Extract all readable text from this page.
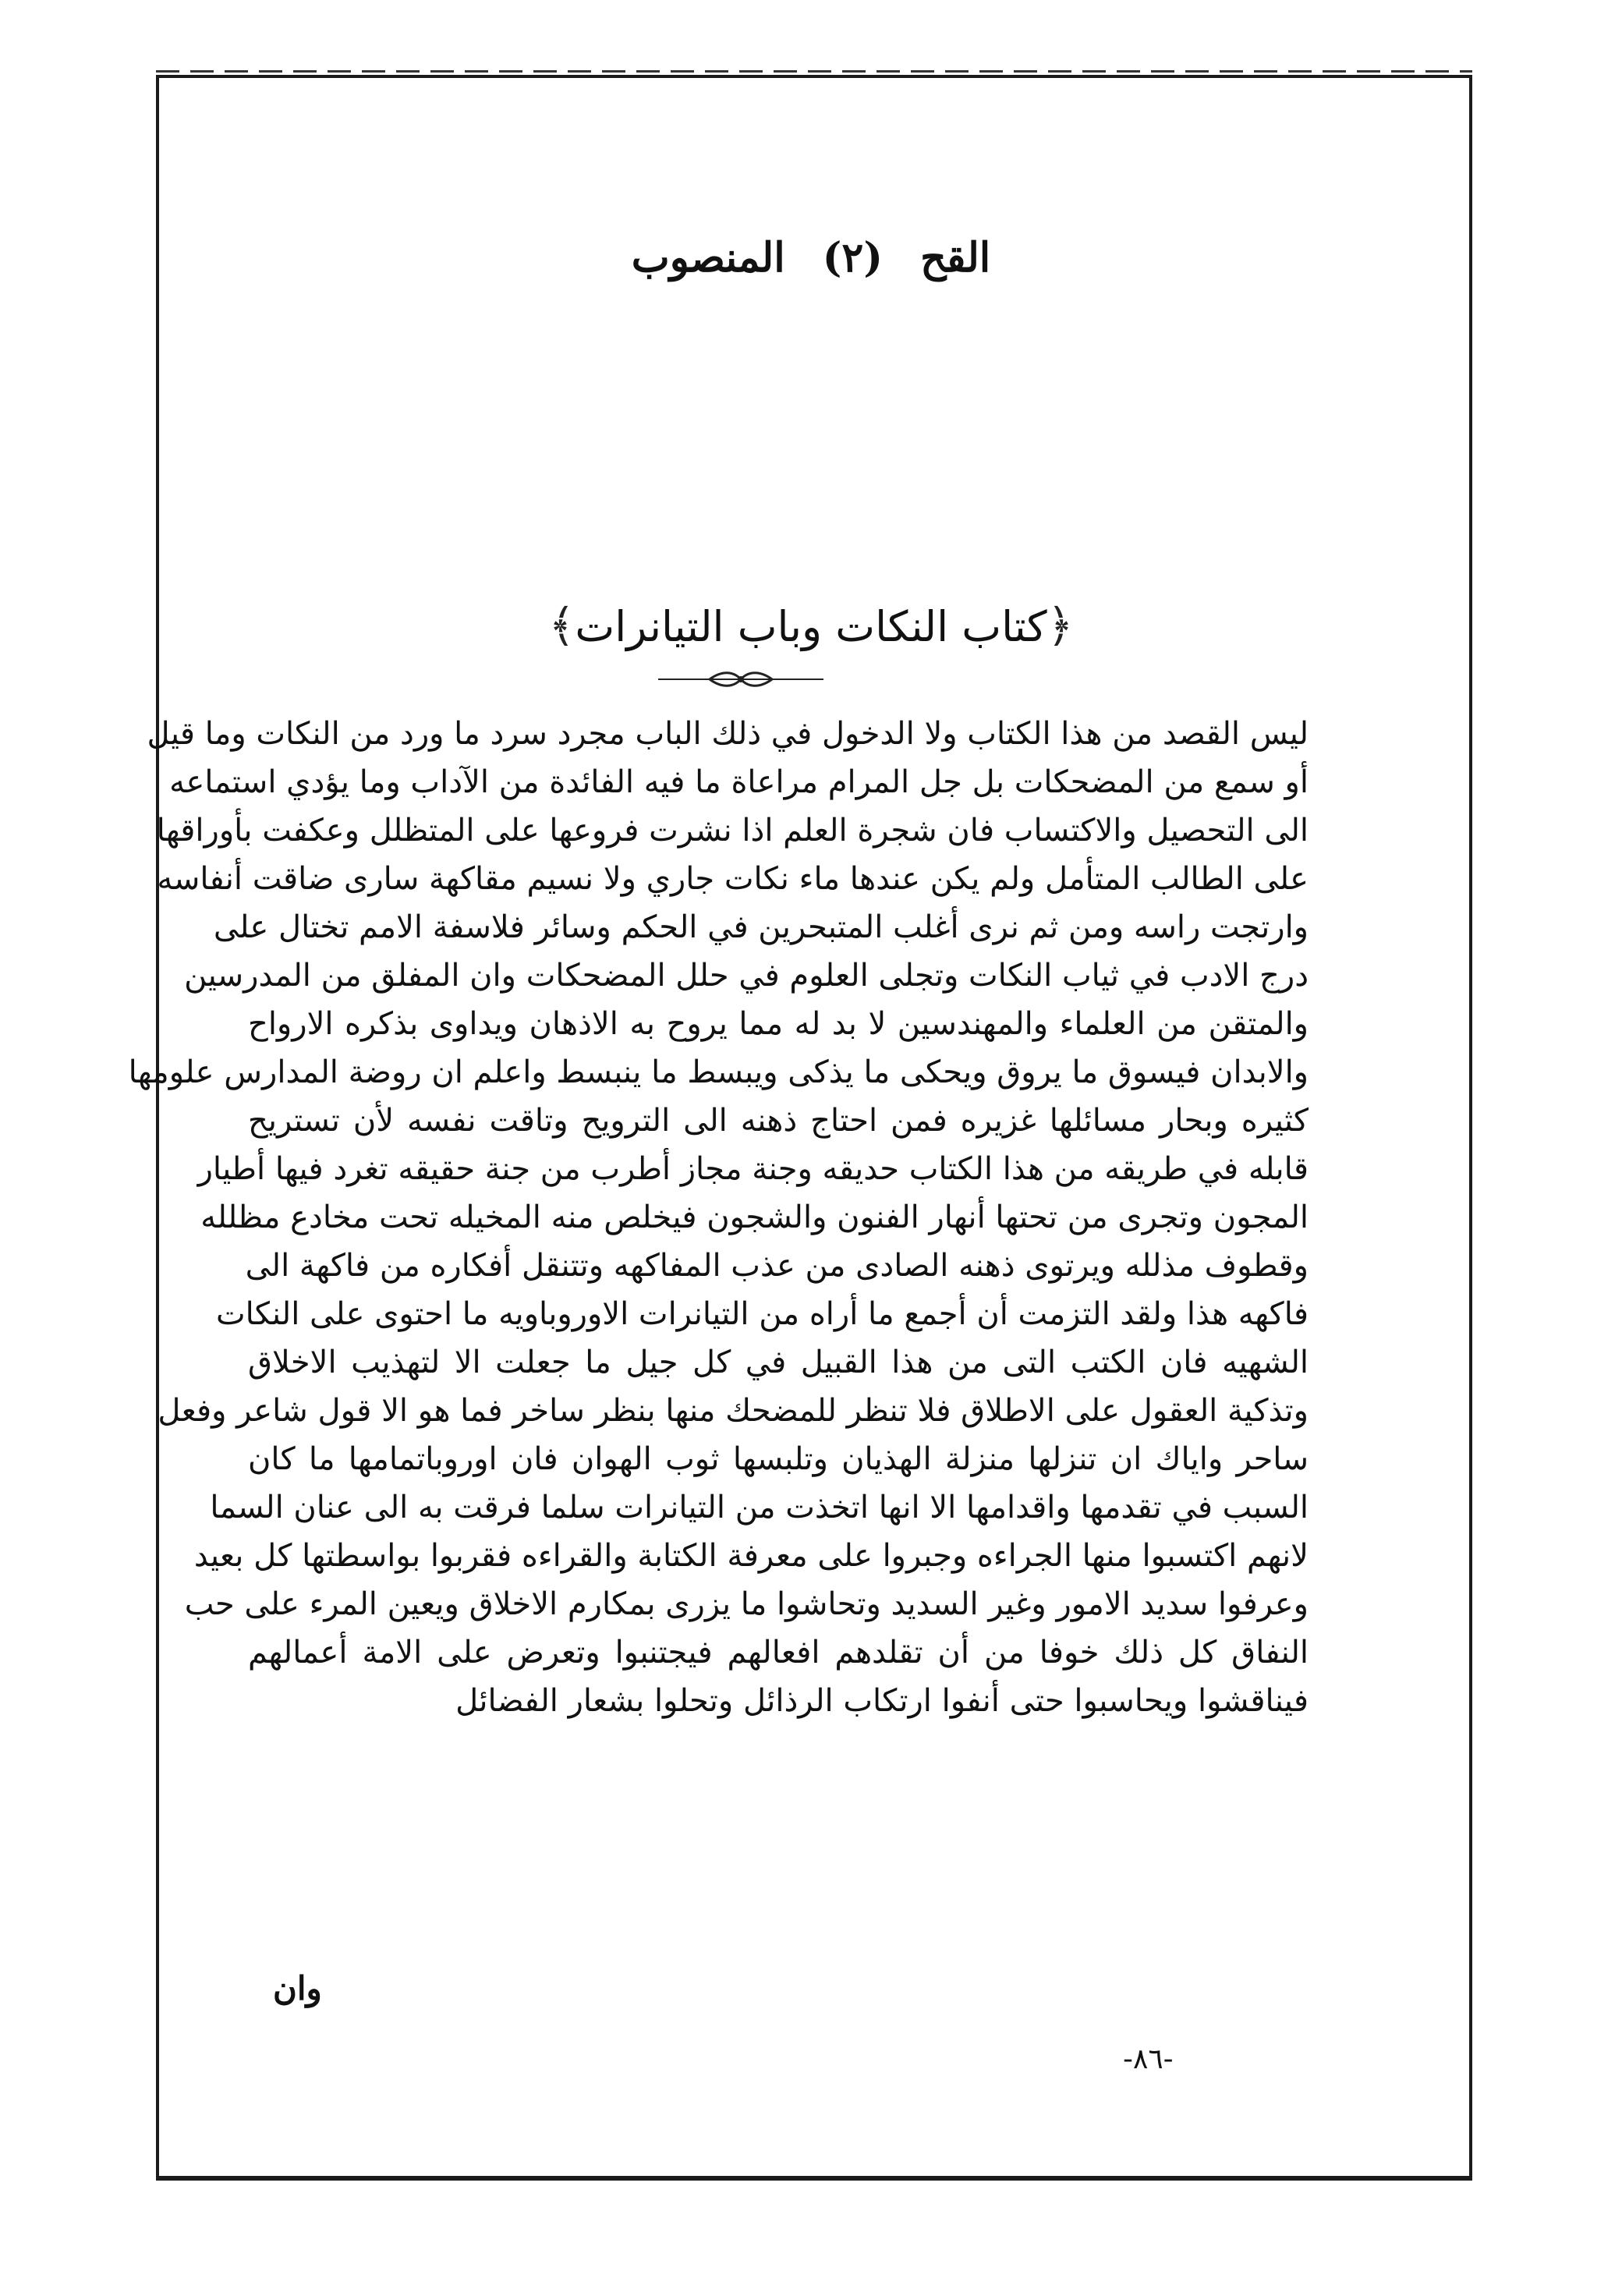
القح (٢) المنصوب
﴿كتاب النكات وباب التيانرات﴾
ليس القصد من هذا الكتاب ولا الدخول في ذلك الباب مجرد سرد ما ورد من النكات وما قيل
أو سمع من المضحكات بل جل المرام مراعاة ما فيه الفائدة من الآداب وما يؤدي استماعه
الى التحصيل والاكتساب فان شجرة العلم اذا نشرت فروعها على المتظلل وعكفت بأوراقها
على الطالب المتأمل ولم يكن عندها ماء نكات جاري ولا نسيم مقاكهة سارى ضاقت أنفاسه
وارتجت راسه ومن ثم نرى أغلب المتبحرين في الحكم وسائر فلاسفة الامم تختال على
درج الادب في ثياب النكات وتجلى العلوم في حلل المضحكات وان المفلق من المدرسين
والمتقن من العلماء والمهندسين لا بد له مما يروح به الاذهان ويداوى بذكره الارواح
والابدان فيسوق ما يروق ويحكى ما يذكى ويبسط ما ينبسط واعلم ان روضة المدارس علومها
كثيره وبحار مسائلها غزيره فمن احتاج ذهنه الى الترويح وتاقت نفسه لأن تستريح
قابله في طريقه من هذا الكتاب حديقه وجنة مجاز أطرب من جنة حقيقه تغرد فيها أطيار
المجون وتجرى من تحتها أنهار الفنون والشجون فيخلص منه المخيله تحت مخادع مظلله
وقطوف مذلله ويرتوى ذهنه الصادى من عذب المفاكهه وتتنقل أفكاره من فاكهة الى
فاكهه هذا ولقد التزمت أن أجمع ما أراه من التيانرات الاوروباويه ما احتوى على النكات
الشهيه فان الكتب التى من هذا القبيل في كل جيل ما جعلت الا لتهذيب الاخلاق
وتذكية العقول على الاطلاق فلا تنظر للمضحك منها بنظر ساخر فما هو الا قول شاعر وفعل
ساحر واياك ان تنزلها منزلة الهذيان وتلبسها ثوب الهوان فان اوروباتمامها ما كان
السبب في تقدمها واقدامها الا انها اتخذت من التيانرات سلما فرقت به الى عنان السما
لانهم اكتسبوا منها الجراءه وجبروا على معرفة الكتابة والقراءه فقربوا بواسطتها كل بعيد
وعرفوا سديد الامور وغير السديد وتحاشوا ما يزرى بمكارم الاخلاق ويعين المرء على حب
النفاق كل ذلك خوفا من أن تقلدهم افعالهم فيجتنبوا وتعرض على الامة أعمالهم
فيناقشوا ويحاسبوا حتى أنفوا ارتكاب الرذائل وتحلوا بشعار الفضائل
وان
-٨٦-
